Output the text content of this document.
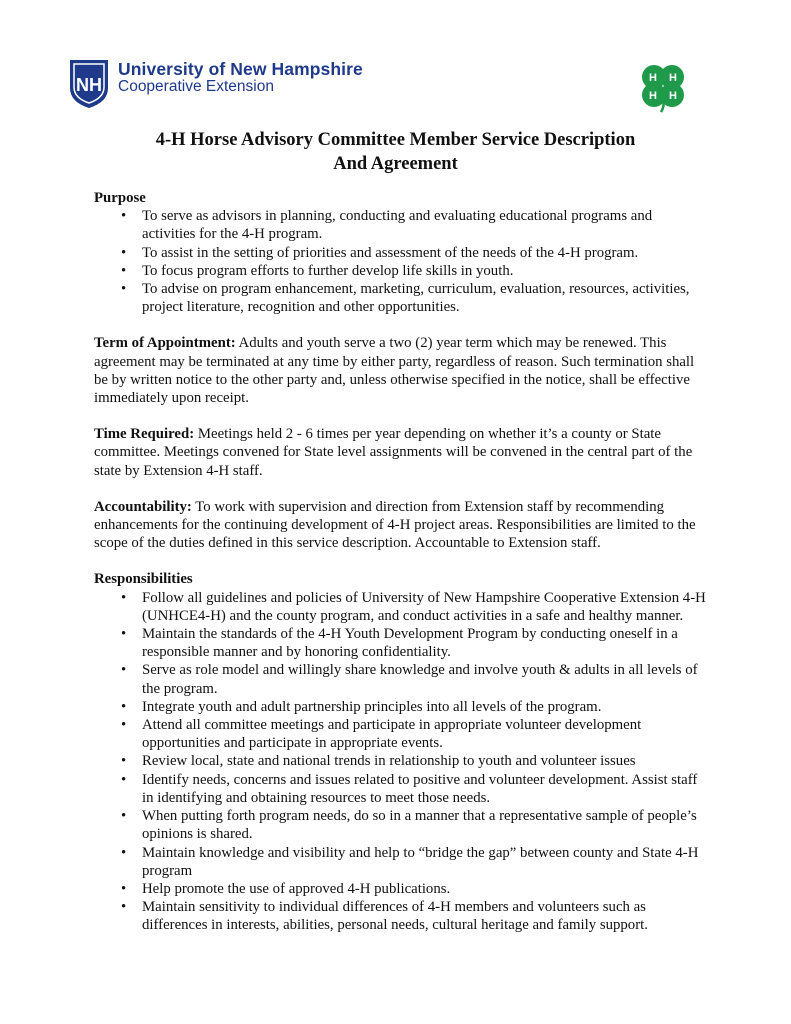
NH
University of New Hampshire
Cooperative Extension	H H
H H
4-H Horse Advisory Committee Member Service Description
And Agreement

Purpose

• To serve as advisors in planning, conducting and evaluating educational programs and activities for the 4-H program.
• To assist in the setting of priorities and assessment of the needs of the 4-H program.
• To focus program efforts to further develop life skills in youth.
• To advise on program enhancement, marketing, curriculum, evaluation, resources, activities, project literature, recognition and other opportunities.

Term of Appointment: Adults and youth serve a two (2) year term which may be renewed. This agreement may be terminated at any time by either party, regardless of reason. Such termination shall be by written notice to the other party and, unless otherwise specified in the notice, shall be effective immediately upon receipt.

Time Required: Meetings held 2 - 6 times per year depending on whether it’s a county or State committee. Meetings convened for State level assignments will be convened in the central part of the state by Extension 4-H staff.

Accountability: To work with supervision and direction from Extension staff by recommending enhancements for the continuing development of 4-H project areas. Responsibilities are limited to the scope of the duties defined in this service description. Accountable to Extension staff.

Responsibilities

• Follow all guidelines and policies of University of New Hampshire Cooperative Extension 4-H (UNHCE4-H) and the county program, and conduct activities in a safe and healthy manner.
• Maintain the standards of the 4-H Youth Development Program by conducting oneself in a responsible manner and by honoring confidentiality.
• Serve as role model and willingly share knowledge and involve youth & adults in all levels of the program.
• Integrate youth and adult partnership principles into all levels of the program.
• Attend all committee meetings and participate in appropriate volunteer development opportunities and participate in appropriate events.
• Review local, state and national trends in relationship to youth and volunteer issues
• Identify needs, concerns and issues related to positive and volunteer development. Assist staff in identifying and obtaining resources to meet those needs.
• When putting forth program needs, do so in a manner that a representative sample of people’s opinions is shared.
• Maintain knowledge and visibility and help to “bridge the gap” between county and State 4-H program
• Help promote the use of approved 4-H publications.
• Maintain sensitivity to individual differences of 4-H members and volunteers such as differences in interests, abilities, personal needs, cultural heritage and family support.
